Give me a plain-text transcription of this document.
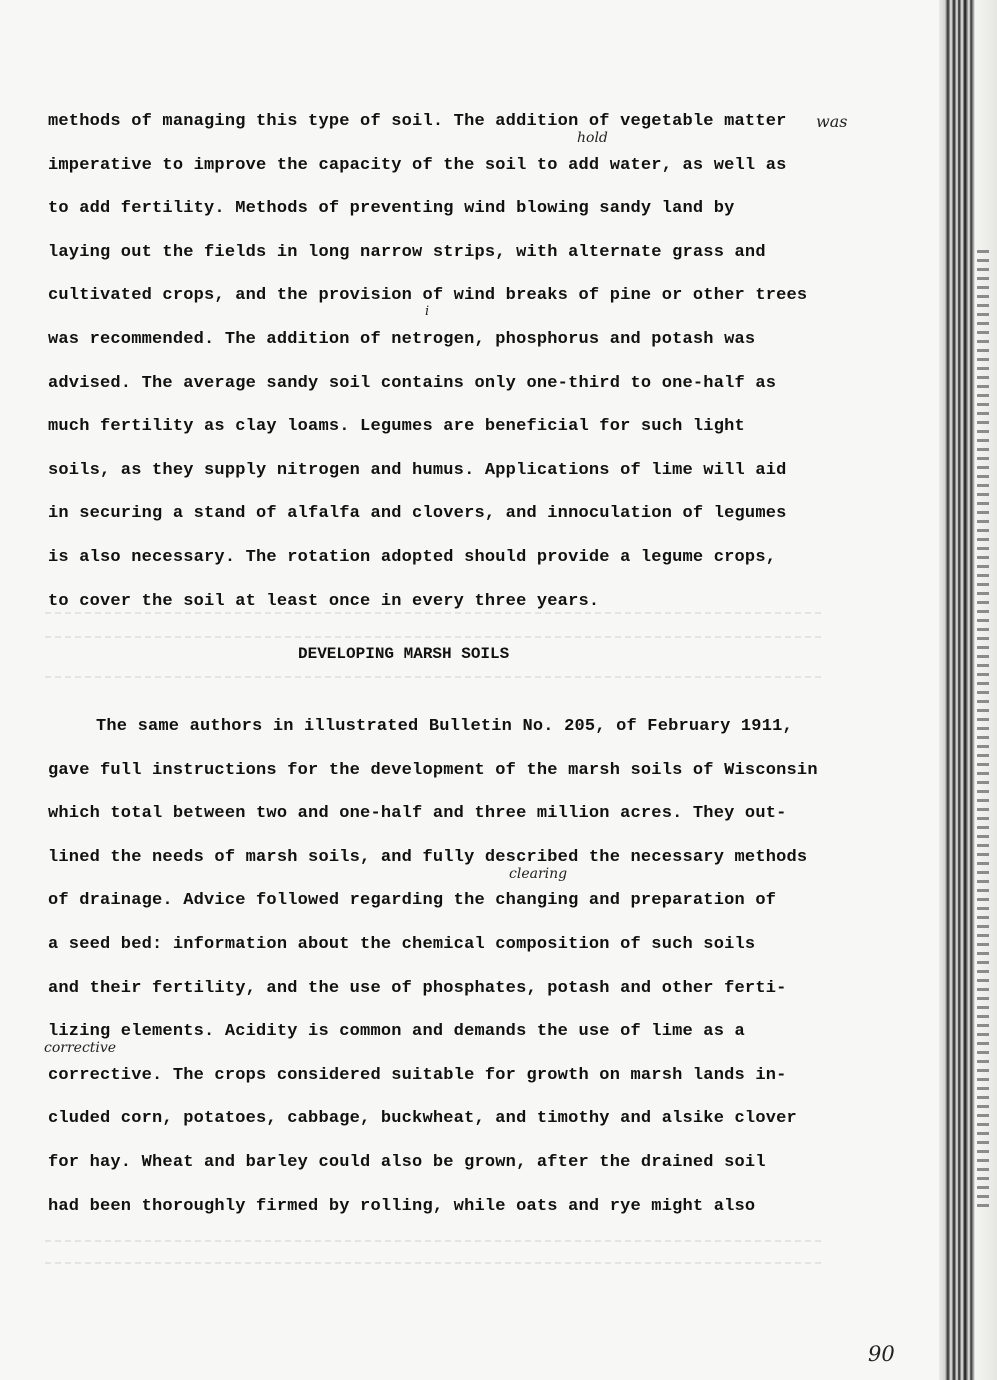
methods of managing this type of soil. The addition of vegetable matter
imperative to improve the capacity of the soil to add water, as well as
to add fertility. Methods of preventing wind blowing sandy land by
laying out the fields in long narrow strips, with alternate grass and
cultivated crops, and the provision of wind breaks of pine or other trees
was recommended. The addition of netrogen, phosphorus and potash was
advised. The average sandy soil contains only one-third to one-half as
much fertility as clay loams. Legumes are beneficial for such light
soils, as they supply nitrogen and humus. Applications of lime will aid
in securing a stand of alfalfa and clovers, and innoculation of legumes
is also necessary. The rotation adopted should provide a legume crops,
to cover the soil at least once in every three years.
DEVELOPING MARSH SOILS
The same authors in illustrated Bulletin No. 205, of February 1911,
gave full instructions for the development of the marsh soils of Wisconsin
which total between two and one-half and three million acres. They out-
lined the needs of marsh soils, and fully described the necessary methods
of drainage. Advice followed regarding the changing and preparation of
a seed bed: information about the chemical composition of such soils
and their fertility, and the use of phosphates, potash and other ferti-
lizing elements. Acidity is common and demands the use of lime as a
corrective. The crops considered suitable for growth on marsh lands in-
cluded corn, potatoes, cabbage, buckwheat, and timothy and alsike clover
for hay. Wheat and barley could also be grown, after the drained soil
had been thoroughly firmed by rolling, while oats and rye might also
was
hold
i
clearing
corrective
90
